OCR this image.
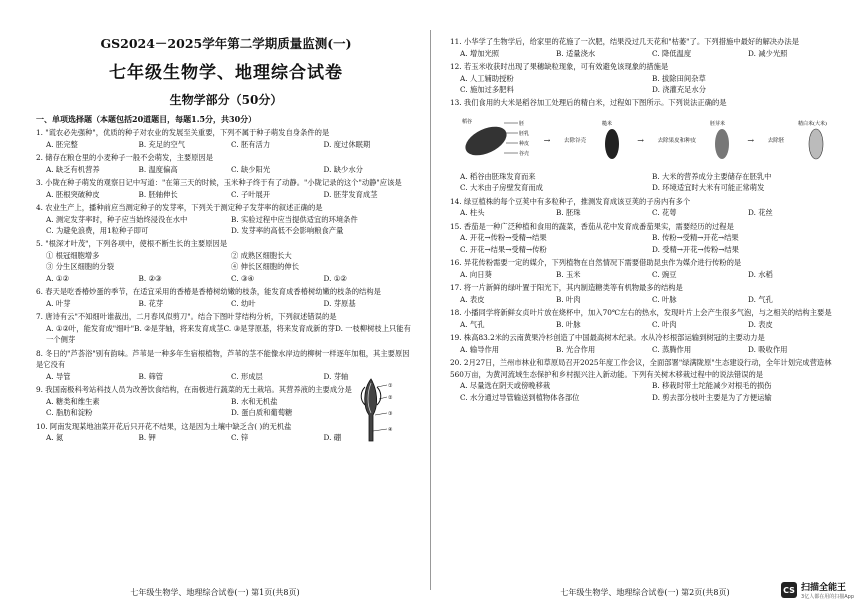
GS2024－2025学年第二学期质量监测(一)
七年级生物学、地理综合试卷
生物学部分（50分）
一、单项选择题（本题包括20道题目，每题1.5分，共30分）
1. "谎农必先强种"，优质的种子对农业的发展至关重要，下列不属于种子萌发自身条件的是
A. 胚完整	B. 充足的空气	C. 胚有活力	D. 度过休眠期
2. 储存在粮仓里的小麦种子一般不会萌发，主要原因是
A. 缺乏有机营养	B. 温度偏高	C. 缺少阳光	D. 缺少水分
3. 小陇在种子萌发的观察日记中写道："在第三天的时候，玉米种子终于有了动静。"小陇记录的这个"动静"应该是
A. 胚根突破种皮	B. 胚轴伸长	C. 子叶展开	D. 胚芽发育成茎
4. 农业生产上，播种前应当测定种子的发芽率，下列关于测定种子发芽率的叙述正确的是
A. 测定发芽率时，种子应当始终浸没在水中	B. 实验过程中应当提供适宜的环境条件
C. 为避免浪费，用1粒种子即可	D. 发芽率的高低不会影响粮食产量
5. "根深才叶茂"，下列各项中，使根不断生长的主要原因是
① 根冠细胞增多	② 成熟区细胞长大
③ 分生区细胞的分裂	④ 伸长区细胞的伸长
A. ①②	B. ②③	C. ③④	D. ①②
6. 春天是吃香椿炒蛋的季节，在适宜采用的香椿是香椿树幼嫩的枝条，能发育成香椿树幼嫩的枝条的结构是
A. 叶芽	B. 花芽	C. 幼叶	D. 芽原基
7. 唐诗有云"不知细叶谁裁出，二月春风似剪刀"。结合下图叶芽结构分析，下列叙述错误的是
A. ①②叶，能发育成"细叶"B. ②是芽轴，将来发育成茎C. ③是芽原基，将来发育成新的芽D. 一枝柳树枝上只能有一个侧芽
8. 冬日的"芦荟浴"别有韵味。芦苇是一种多年生宿根植物，芦苇的茎不能像水岸边的柳树一样逐年加粗，其主要原因是它没有
A. 导管	B. 筛管	C. 形成层	D. 芽轴
9. 我国南极科考站科技人员为改善饮食结构，在南极进行蔬菜的无土栽培。其营养液的主要成分是
A. 糖类和维生素	B. 水和无机盐
C. 脂肪和淀粉	D. 蛋白质和葡萄糖
10. 阿南发现某地油菜开花后只开花不结果，这是因为土壤中缺乏含( )的无机盐
A. 氮	B. 钾	C. 锌	D. 硼
①
②
③
④
七年级生物学、地理综合试卷(一) 第1页(共8页)
11. 小华学了生物学后，给家里的花施了一次肥，结果没过几天花和"枯萎"了。下列措施中最好的解决办法是
A. 增加光照	B. 适量浇水	C. 降低温度	D. 减少光照
12. 若玉米收获时出现了果穗缺粒现象，可有效避免该现象的措施是
A. 人工辅助授粉	B. 拔除田间杂草
C. 施加过多肥料	D. 浇灌充足水分
13. 我们食用的大米是稻谷加工处理后的精白米，过程如下图所示。下列说法正确的是
胚
胚乳
种皮
谷壳
稻谷
→ 去除谷壳
糙米
→ 去除果皮和种皮
胚芽米
→ 去除胚
精白米(大米)
A. 稻谷由胚珠发育而来	B. 大米的营养成分主要储存在胚乳中
C. 大米由子房壁发育而成	D. 环境适宜时大米有可能正常萌发
14. 绿豆植株的每个豆荚中有多粒种子，推测发育成该豆荚的子房内有多个
A. 柱头	B. 胚珠	C. 花萼	D. 花丝
15. 香茄是一种广泛种植和食用的蔬菜，香茄从花中发育成番茄果实，需要经历的过程是
A. 开花→传粉→受精→结果	B. 传粉→受精→开花→结果
C. 开花→结果→受精→传粉	D. 受精→开花→传粉→结果
16. 异花传粉需要一定的媒介，下列植物在自然情况下需要借助昆虫作为媒介进行传粉的是
A. 向日葵	B. 玉米	C. 豌豆	D. 水稻
17. 将一片新鲜的绿叶置于阳光下，其内制造糖类等有机物最多的结构是
A. 表皮	B. 叶肉	C. 叶脉	D. 气孔
18. 小播同学将新鲜女贞叶片放在烧杯中，加入70℃左右的热水，发现叶片上会产生很多气泡，与之相关的结构主要是
A. 气孔	B. 叶脉	C. 叶肉	D. 表皮
19. 株高83.2米的云南黄果冷杉创造了中国最高树木纪录。水从冷杉根部运输到树冠的主要动力是
A. 输导作用	B. 光合作用	C. 蒸腾作用	D. 吸收作用
20. 2月27日，兰州市林业和草原局召开2025年度工作会议，全面部署"绿满陇原"生态建设行动，全年计划完成营造林560万亩，为黄河流域生态保护和乡村振兴注入新动能。下列有关树木移栽过程中的说法错误的是
A. 尽量选在阴天或傍晚移栽	B. 移栽时带土坨能减少对根毛的损伤
C. 水分通过导管输送到植物体各部位	D. 剪去部分枝叶主要是为了方便运输
七年级生物学、地理综合试卷(一) 第2页(共8页)	CS 扫描全能王
3亿人都在用的扫描App
